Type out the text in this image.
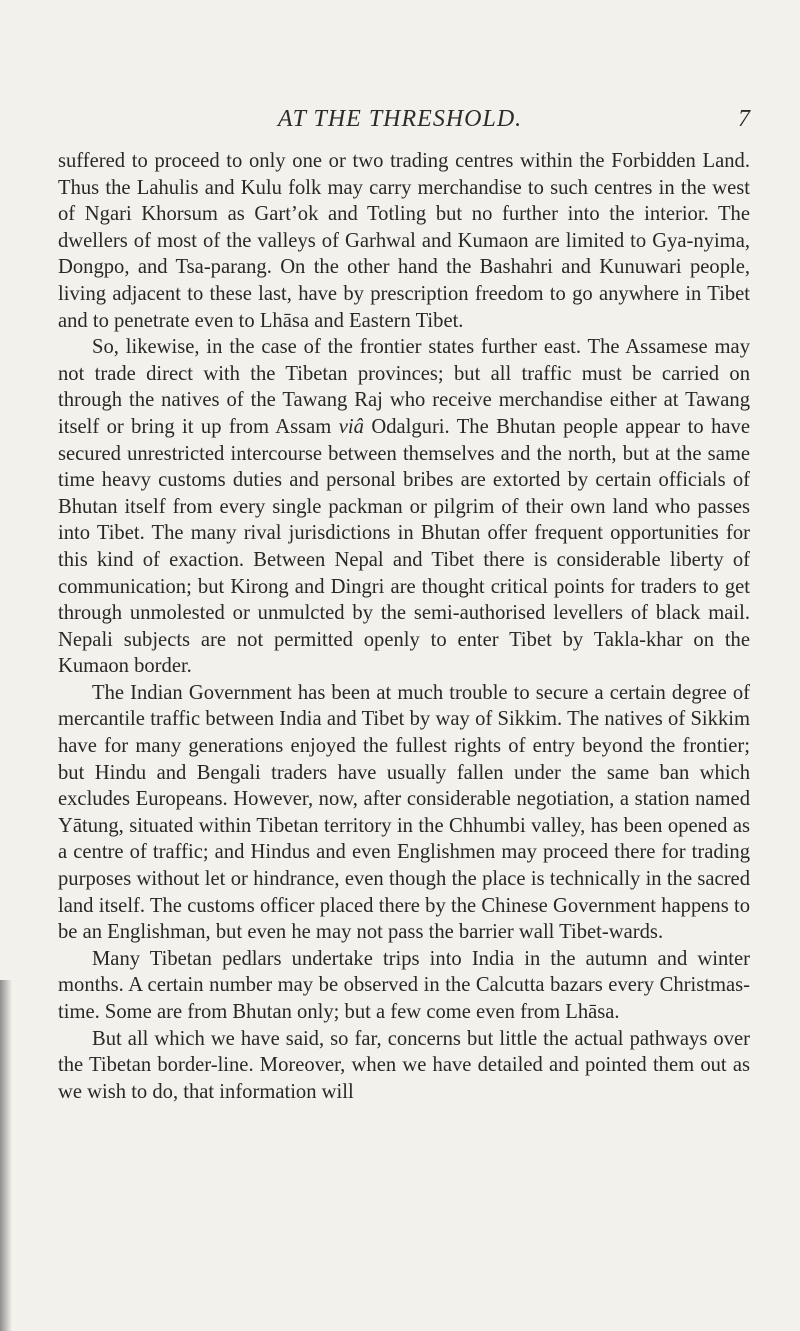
AT THE THRESHOLD.	7

suffered to proceed to only one or two trading centres within the Forbidden Land. Thus the Lahulis and Kulu folk may carry merchandise to such centres in the west of Ngari Khorsum as Gart’ok and Totling but no further into the interior. The dwellers of most of the valleys of Garhwal and Kumaon are limited to Gya-nyima, Dongpo, and Tsa-parang. On the other hand the Bashahri and Kunuwari people, living adjacent to these last, have by prescription freedom to go anywhere in Tibet and to penetrate even to Lhāsa and Eastern Tibet.

So, likewise, in the case of the frontier states further east. The Assamese may not trade direct with the Tibetan provinces; but all traffic must be carried on through the natives of the Tawang Raj who receive merchandise either at Tawang itself or bring it up from Assam viâ Odalguri. The Bhutan people appear to have secured unrestricted intercourse between themselves and the north, but at the same time heavy customs duties and personal bribes are extorted by certain officials of Bhutan itself from every single packman or pilgrim of their own land who passes into Tibet. The many rival jurisdictions in Bhutan offer frequent opportunities for this kind of exaction. Between Nepal and Tibet there is considerable liberty of communication; but Kirong and Dingri are thought critical points for traders to get through unmolested or unmulcted by the semi-authorised levellers of black mail. Nepali subjects are not permitted openly to enter Tibet by Takla-khar on the Kumaon border.

The Indian Government has been at much trouble to secure a certain degree of mercantile traffic between India and Tibet by way of Sikkim. The natives of Sikkim have for many generations enjoyed the fullest rights of entry beyond the frontier; but Hindu and Bengali traders have usually fallen under the same ban which excludes Europeans. However, now, after considerable negotiation, a station named Yātung, situated within Tibetan territory in the Chhumbi valley, has been opened as a centre of traffic; and Hindus and even Englishmen may proceed there for trading purposes without let or hindrance, even though the place is technically in the sacred land itself. The customs officer placed there by the Chinese Government happens to be an Englishman, but even he may not pass the barrier wall Tibet-wards.

Many Tibetan pedlars undertake trips into India in the autumn and winter months. A certain number may be observed in the Calcutta bazars every Christmas-time. Some are from Bhutan only; but a few come even from Lhāsa.

But all which we have said, so far, concerns but little the actual pathways over the Tibetan border-line. Moreover, when we have detailed and pointed them out as we wish to do, that information will
